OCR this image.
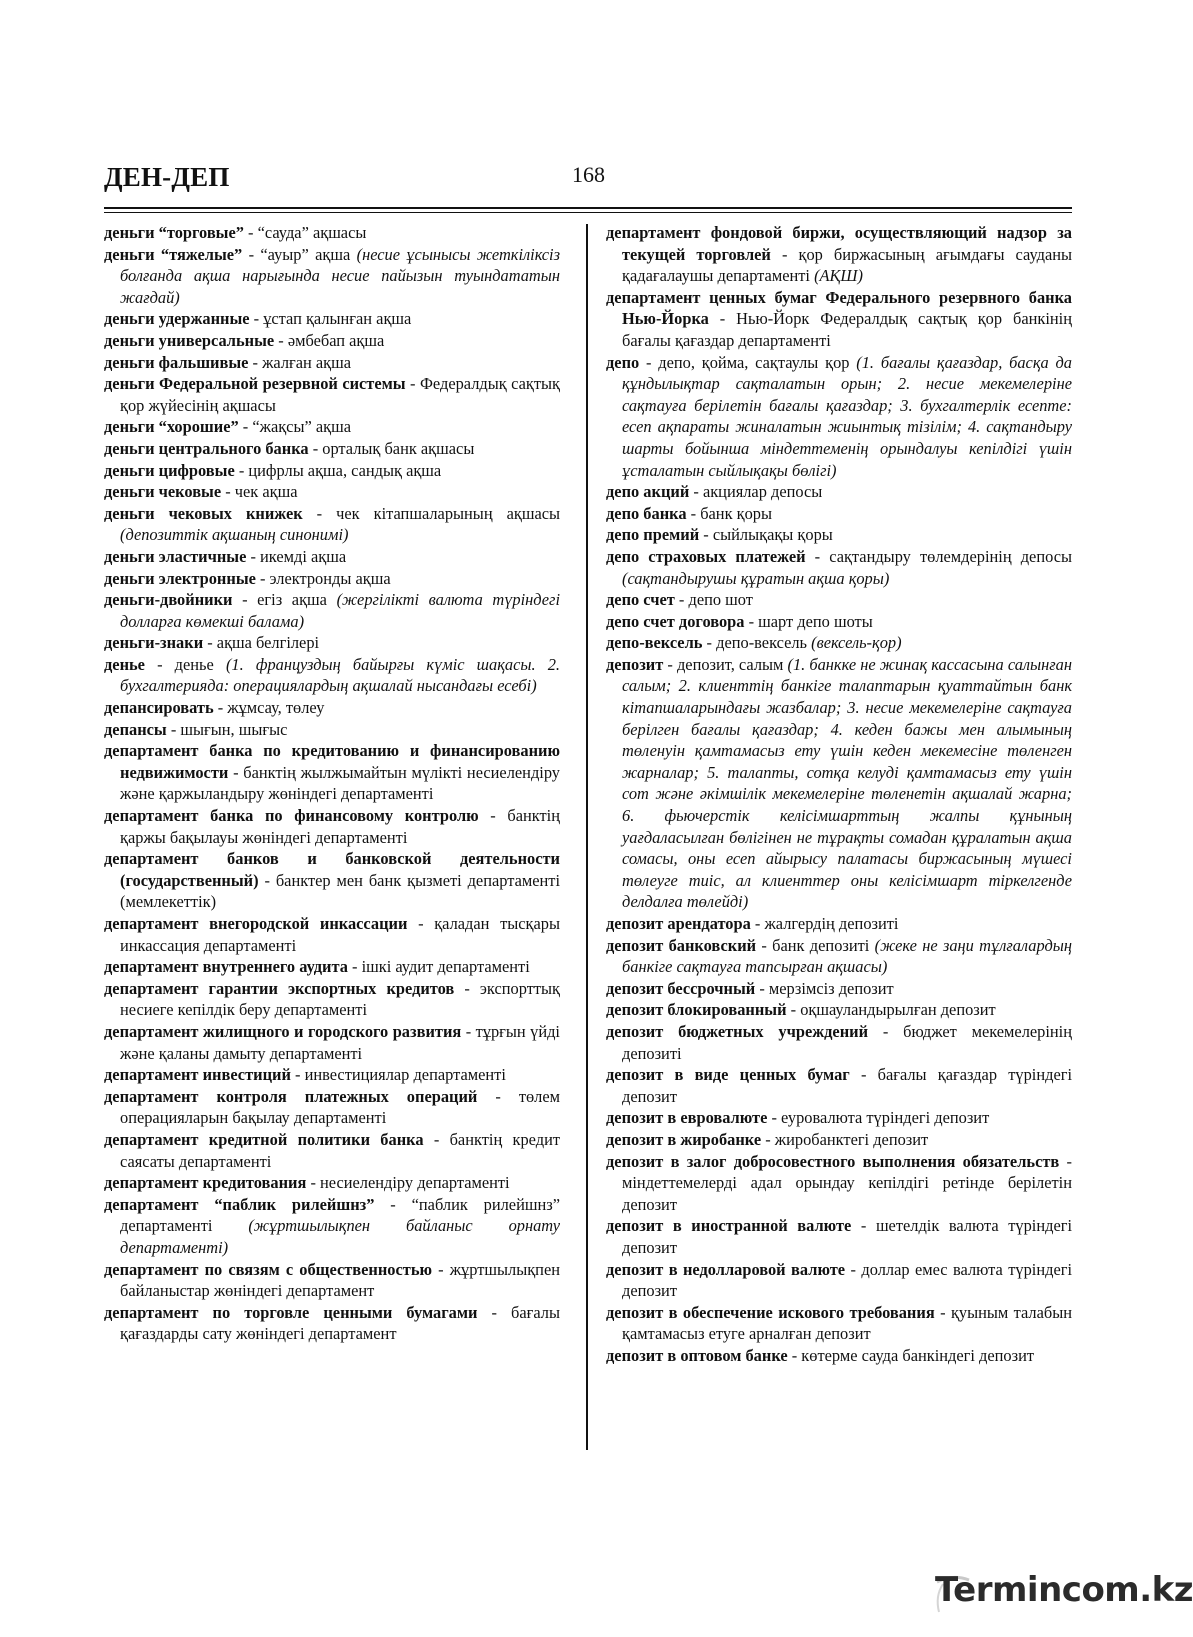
ДЕН-ДЕП	168

деньги “торговые” - “сауда” ақшасы

деньги “тяжелые” - “ауыр” ақша (несие ұсынысы жеткіліксіз болғанда ақша нарығында несие пайызын туындататын жағдай)

деньги удержанные - ұстап қалынған ақша

деньги универсальные - әмбебап ақша

деньги фальшивые - жалған ақша

деньги Федеральной резервной системы - Федералдық сақтық қор жүйесінің ақшасы

деньги “хорошие” - “жақсы” ақша

деньги центрального банка - орталық банк ақшасы

деньги цифровые - цифрлы ақша, сандық ақша

деньги чековые - чек ақша

деньги чековых книжек - чек кітапшаларының ақшасы (депозиттік ақшаның синонимі)

деньги эластичные - икемді ақша

деньги электронные - электронды ақша

деньги-двойники - егіз ақша (жергілікті валюта түріндегі долларға көмекші балама)

деньги-знаки - ақша белгілері

денье - денье (1. француздың байырғы күміс шақасы. 2. бухгалтерияда: операциялардың ақшалай нысандағы есебі)

депансировать - жұмсау, төлеу

депансы - шығын, шығыс

департамент банка по кредитованию и финансированию недвижимости - банктің жылжымайтын мүлікті несиелендіру және қаржыландыру жөніндегі департаменті

департамент банка по финансовому контролю - банктің қаржы бақылауы жөніндегі департаменті

департамент банков и банковской деятельности (государственный) - банктер мен банк қызметі департаменті (мемлекеттік)

департамент внегородской инкассации - қаладан тысқары инкассация департаменті

департамент внутреннего аудита - ішкі аудит департаменті

департамент гарантии экспортных кредитов - экспорттық несиеге кепілдік беру департаменті

департамент жилищного и городского развития - тұрғын үйді және қаланы дамыту департаменті

департамент инвестиций - инвестициялар департаменті

департамент контроля платежных операций - төлем операцияларын бақылау департаменті

департамент кредитной политики банка - банктің кредит саясаты департаменті

департамент кредитования - несиелендіру департаменті

департамент “паблик рилейшнз” - “паблик рилейшнз” департаменті (жұртшылықпен байланыс орнату департаменті)

департамент по связям с общественностью - жұртшылықпен байланыстар жөніндегі департамент

департамент по торговле ценными бумагами - бағалы қағаздарды сату жөніндегі департамент

департамент фондовой биржи, осуществляющий надзор за текущей торговлей - қор биржасының ағымдағы сауданы қадағалаушы департаменті (АҚШ)

департамент ценных бумаг Федерального резервного банка Нью-Йорка - Нью-Йорк Федералдық сақтық қор банкінің бағалы қағаздар департаменті

депо - депо, қойма, сақтаулы қор (1. бағалы қағаздар, басқа да құндылықтар сақталатын орын; 2. несие мекемелеріне сақтауға берілетін бағалы қағаздар; 3. бухгалтерлік есепте: есеп ақпараты жиналатын жиынтық тізілім; 4. сақтандыру шарты бойынша міндеттеменің орындалуы кепілдігі үшін ұсталатын сыйлықақы бөлігі)

депо акций - акциялар депосы

депо банка - банк қоры

депо премий - сыйлықақы қоры

депо страховых платежей - сақтандыру төлемдерінің депосы (сақтандырушы құратын ақша қоры)

депо счет - депо шот

депо счет договора - шарт депо шоты

депо-вексель - депо-вексель (вексель-қор)

депозит - депозит, салым (1. банкке не жинақ кассасына салынған салым; 2. клиенттің банкіге талаптарын қуаттайтын банк кітапшаларындағы жазбалар; 3. несие мекемелеріне сақтауға берілген бағалы қағаздар; 4. кеден бажы мен алымының төленуін қамтамасыз ету үшін кеден мекемесіне төленген жарналар; 5. талапты, сотқа келуді қамтамасыз ету үшін сот және әкімшілік мекемелеріне төленетін ақшалай жарна; 6. фьючерстік келісімшарттың жалпы құнының уағдаласылған бөлігінен не тұрақты сомадан құралатын ақша сомасы, оны есеп айырысу палатасы биржасының мүшесі төлеуге тиіс, ал клиенттер оны келісімшарт тіркелгенде делдалға төлейді)

депозит арендатора - жалгердің депозиті

депозит банковский - банк депозиті (жеке не заңи тұлғалардың банкіге сақтауға тапсырған ақшасы)

депозит бессрочный - мерзімсіз депозит

депозит блокированный - оқшауландырылған депозит

депозит бюджетных учреждений - бюджет мекемелерінің депозиті

депозит в виде ценных бумаг - бағалы қағаздар түріндегі депозит

депозит в евровалюте - еуровалюта түріндегі депозит

депозит в жиробанке - жиробанктегі депозит

депозит в залог добросовестного выполнения обязательств - міндеттемелерді адал орындау кепілдігі ретінде берілетін депозит

депозит в иностранной валюте - шетелдік валюта түріндегі депозит

депозит в недолларовой валюте - доллар емес валюта түріндегі депозит

депозит в обеспечение искового требования - қуыным талабын қамтамасыз етуге арналған депозит

депозит в оптовом банке - көтерме сауда банкіндегі депозит

Termincom.kz
